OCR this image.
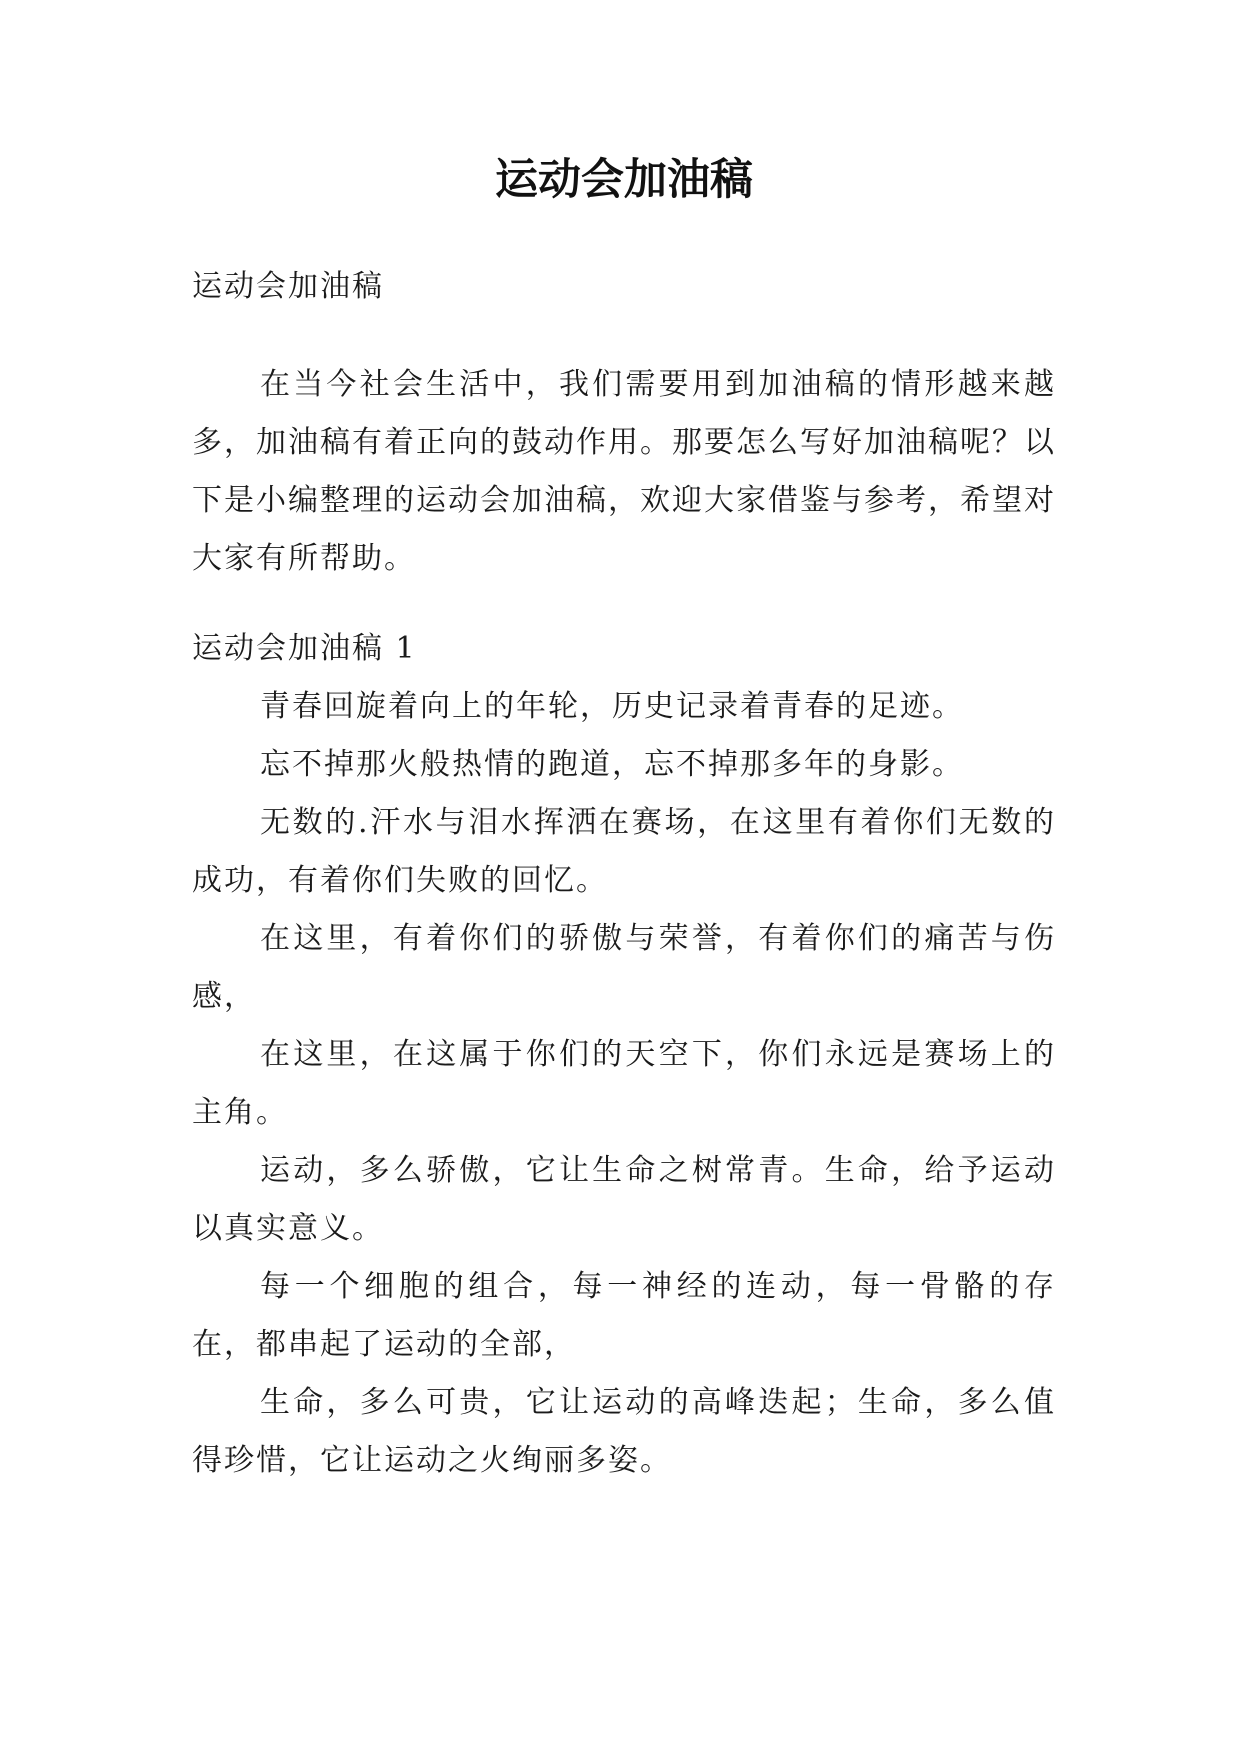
运动会加油稿

运动会加油稿

在当今社会生活中，我们需要用到加油稿的情形越来越多，加油稿有着正向的鼓动作用。那要怎么写好加油稿呢？以下是小编整理的运动会加油稿，欢迎大家借鉴与参考，希望对大家有所帮助。

运动会加油稿 1

青春回旋着向上的年轮，历史记录着青春的足迹。

忘不掉那火般热情的跑道，忘不掉那多年的身影。

无数的.汗水与泪水挥洒在赛场，在这里有着你们无数的成功，有着你们失败的回忆。

在这里，有着你们的骄傲与荣誉，有着你们的痛苦与伤感，

在这里，在这属于你们的天空下，你们永远是赛场上的主角。

运动，多么骄傲，它让生命之树常青。生命，给予运动以真实意义。

每一个细胞的组合，每一神经的连动，每一骨骼的存在，都串起了运动的全部，

生命，多么可贵，它让运动的高峰迭起；生命，多么值得珍惜，它让运动之火绚丽多姿。
